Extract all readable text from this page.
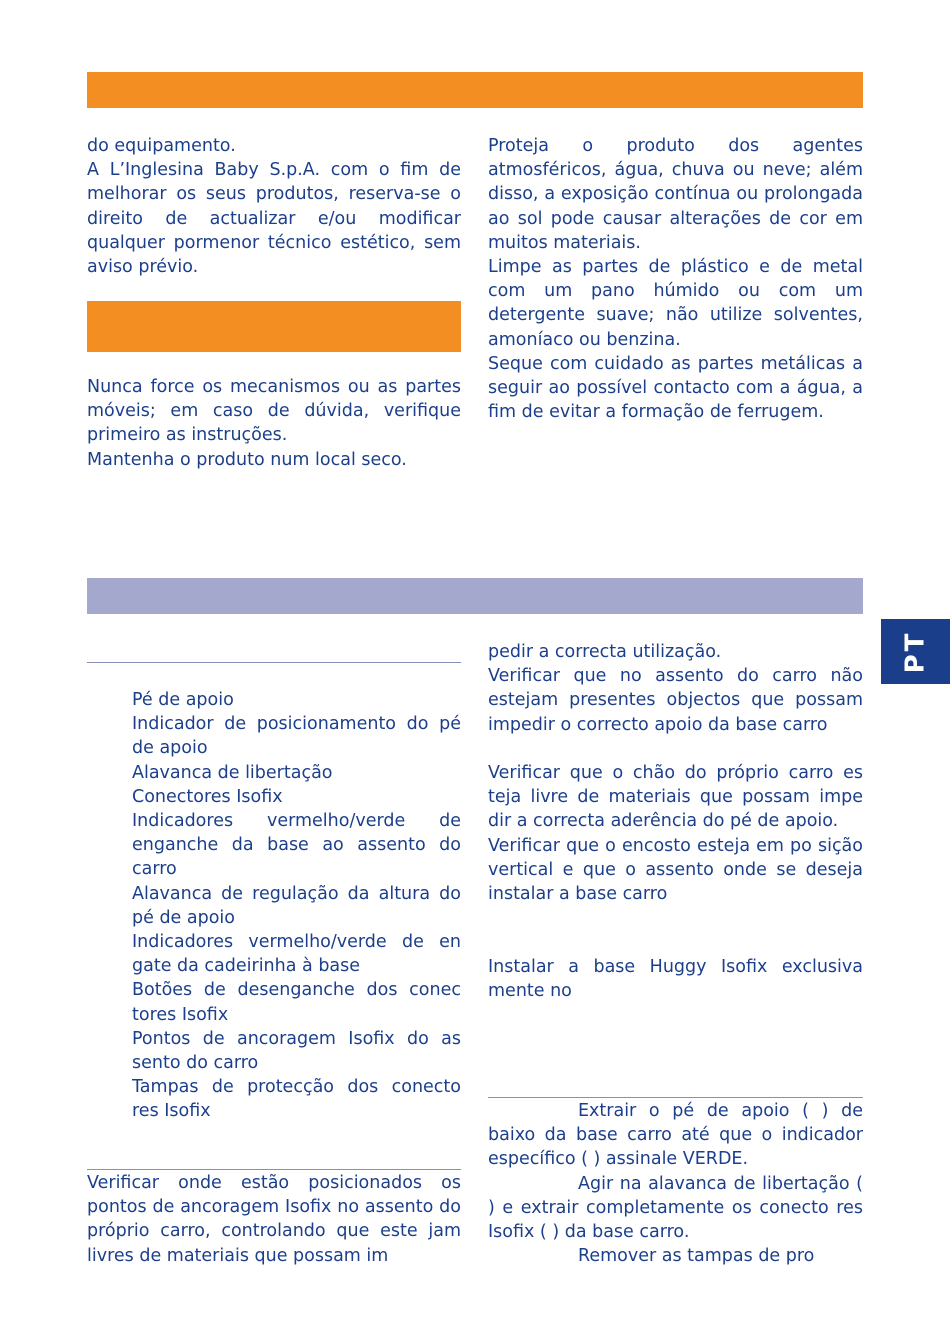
do equipamento.

A L’Inglesina Baby S.p.A. com o fim de melhorar os seus produtos, reserva-se o direito de actualizar e/ou modificar qualquer pormenor técnico estético, sem aviso prévio.

Nunca force os mecanismos ou as partes móveis; em caso de dúvida, verifique primeiro as instruções.

Mantenha o produto num local seco.

Proteja o produto dos agentes atmosféricos, água, chuva ou neve; além disso, a exposição contínua ou prolongada ao sol pode causar alterações de cor em muitos materiais.

Limpe as partes de plástico e de metal com um pano húmido ou com um detergente suave; não utilize solventes, amoníaco ou benzina.

Seque com cuidado as partes metálicas a seguir ao possível contacto com a água, a fim de evitar a formação de ferrugem.

Pé de apoio
Indicador de posicionamento do pé de apoio
Alavanca de libertação
Conectores Isofix
Indicadores vermelho/verde de enganche da base ao assento do carro
Alavanca de regulação da altura do pé de apoio
Indicadores vermelho/verde de en gate da cadeirinha à base
Botões de desenganche dos conec tores Isofix
Pontos de ancoragem Isofix do as sento do carro
Tampas de protecção dos conecto res Isofix

Verificar onde estão posicionados os pontos de ancoragem Isofix no assento do próprio carro, controlando que este jam livres de materiais que possam im

pedir a correcta utilização.

Verificar que no assento do carro não estejam presentes objectos que possam impedir o correcto apoio da base carro

Verificar que o chão do próprio carro es teja livre de materiais que possam impe dir a correcta aderência do pé de apoio.

Verificar que o encosto esteja em po sição vertical e que o assento onde se deseja instalar a base carro

Instalar a base Huggy Isofix exclusiva mente no

Extrair o pé de apoio ( ) de baixo da base carro até que o indicador específico ( ) assinale VERDE.

Agir na alavanca de libertação ( ) e extrair completamente os conecto res Isofix ( ) da base carro.

Remover as tampas de pro

PT
